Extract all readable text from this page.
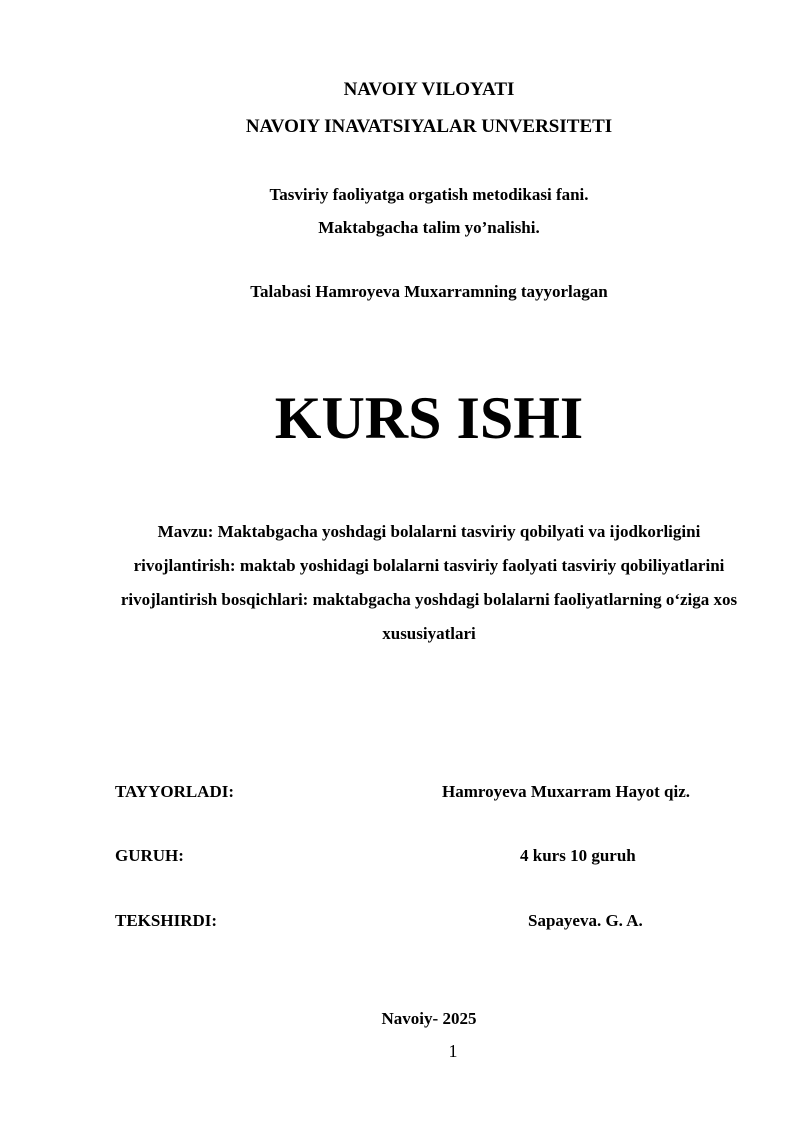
NAVOIY VILOYATI
NAVOIY INAVATSIYALAR UNVERSITETI
Tasviriy faoliyatga orgatish metodikasi fani.
Maktabgacha talim yo’nalishi.
Talabasi Hamroyeva Muxarramning tayyorlagan
KURS ISHI
Mavzu: Maktabgacha yoshdagi bolalarni tasviriy qobilyati va ijodkorligini rivojlantirish: maktab yoshidagi bolalarni tasviriy faolyati tasviriy qobiliyatlarini rivojlantirish bosqichlari: maktabgacha yoshdagi bolalarni faoliyatlarning o‘ziga xos xususiyatlari
TAYYORLADI:	Hamroyeva Muxarram Hayot qiz.
GURUH:	4 kurs 10 guruh
TEKSHIRDI:	Sapayeva. G. A.
Navoiy- 2025
1
